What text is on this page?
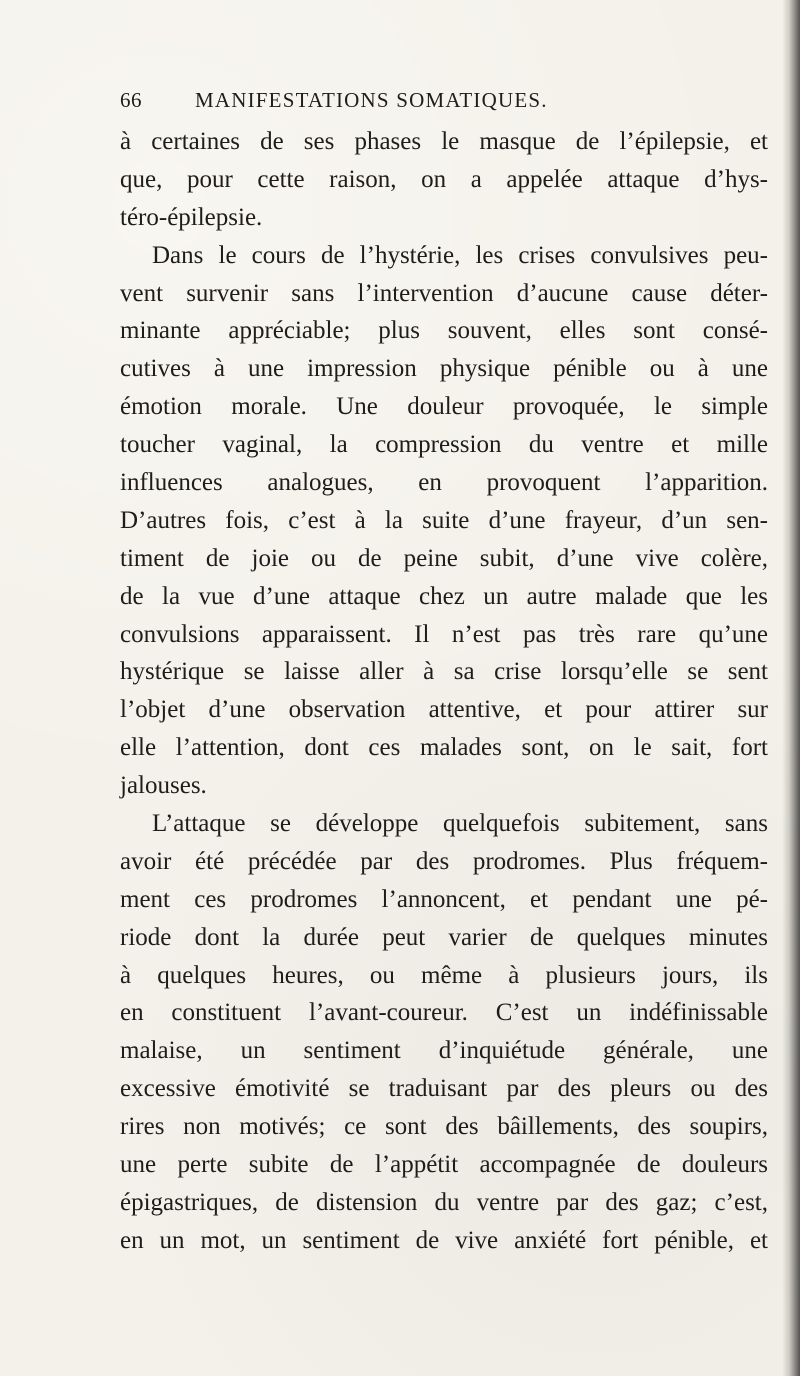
66	MANIFESTATIONS SOMATIQUES.
à certaines de ses phases le masque de l’épilepsie, et
que, pour cette raison, on a appelée attaque d’hys-
téro-épilepsie.
Dans le cours de l’hystérie, les crises convulsives peu-
vent survenir sans l’intervention d’aucune cause déter-
minante appréciable; plus souvent, elles sont consé-
cutives à une impression physique pénible ou à une
émotion morale. Une douleur provoquée, le simple
toucher vaginal, la compression du ventre et mille
influences analogues, en provoquent l’apparition.
D’autres fois, c’est à la suite d’une frayeur, d’un sen-
timent de joie ou de peine subit, d’une vive colère,
de la vue d’une attaque chez un autre malade que les
convulsions apparaissent. Il n’est pas très rare qu’une
hystérique se laisse aller à sa crise lorsqu’elle se sent
l’objet d’une observation attentive, et pour attirer sur
elle l’attention, dont ces malades sont, on le sait, fort
jalouses.
L’attaque se développe quelquefois subitement, sans
avoir été précédée par des prodromes. Plus fréquem-
ment ces prodromes l’annoncent, et pendant une pé-
riode dont la durée peut varier de quelques minutes
à quelques heures, ou même à plusieurs jours, ils
en constituent l’avant-coureur. C’est un indéfinissable
malaise, un sentiment d’inquiétude générale, une
excessive émotivité se traduisant par des pleurs ou des
rires non motivés; ce sont des bâillements, des soupirs,
une perte subite de l’appétit accompagnée de douleurs
épigastriques, de distension du ventre par des gaz; c’est,
en un mot, un sentiment de vive anxiété fort pénible, et
